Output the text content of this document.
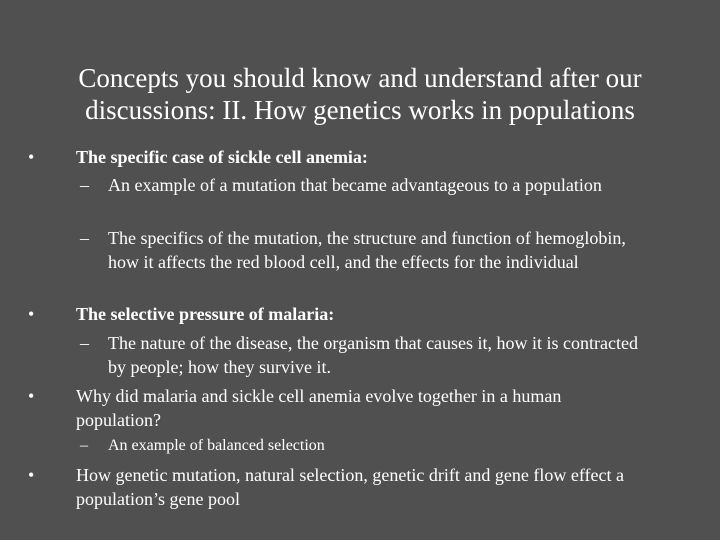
Concepts you should know and understand after our discussions: II. How genetics works in populations
•	The specific case of sickle cell anemia:
–	An example of a mutation that became advantageous to a population
–	The specifics of the mutation, the structure and function of hemoglobin, how it affects the red blood cell, and the effects for the individual
•	The selective pressure of malaria:
–	The nature of the disease, the organism that causes it, how it is contracted by people; how they survive it.
•	Why did malaria and sickle cell anemia evolve together in a human population?
–	An example of balanced selection
•	How genetic mutation, natural selection, genetic drift and gene flow effect a population’s gene pool
